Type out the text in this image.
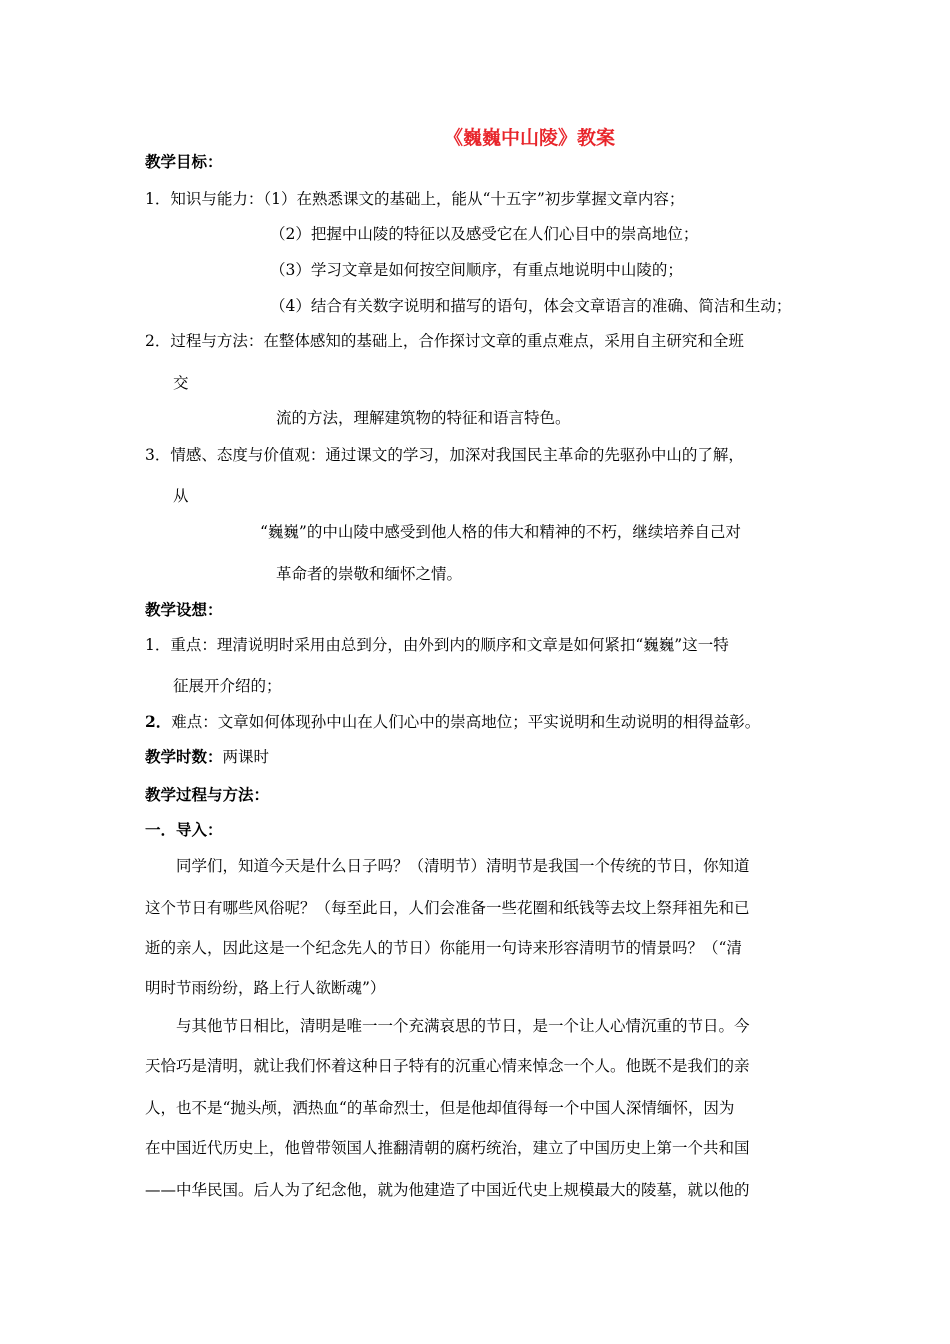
《巍巍中山陵》教案
教学目标：
1．知识与能力：（1）在熟悉课文的基础上，能从“十五字”初步掌握文章内容；
（2）把握中山陵的特征以及感受它在人们心目中的崇高地位；
（3）学习文章是如何按空间顺序，有重点地说明中山陵的；
（4）结合有关数字说明和描写的语句，体会文章语言的准确、简洁和生动；
2．过程与方法：在整体感知的基础上，合作探讨文章的重点难点，采用自主研究和全班
交
流的方法，理解建筑物的特征和语言特色。
3．情感、态度与价值观：通过课文的学习，加深对我国民主革命的先驱孙中山的了解，
从
“巍巍”的中山陵中感受到他人格的伟大和精神的不朽，继续培养自己对
革命者的崇敬和缅怀之情。
教学设想：
1．重点：理清说明时采用由总到分，由外到内的顺序和文章是如何紧扣“巍巍”这一特
征展开介绍的；
2．难点：文章如何体现孙中山在人们心中的崇高地位；平实说明和生动说明的相得益彰。
教学时数：两课时
教学过程与方法：
一．导入：
同学们，知道今天是什么日子吗？（清明节）清明节是我国一个传统的节日，你知道
这个节日有哪些风俗呢？（每至此日，人们会准备一些花圈和纸钱等去坟上祭拜祖先和已
逝的亲人，因此这是一个纪念先人的节日）你能用一句诗来形容清明节的情景吗？（“清
明时节雨纷纷，路上行人欲断魂”）
与其他节日相比，清明是唯一一个充满哀思的节日，是一个让人心情沉重的节日。今
天恰巧是清明，就让我们怀着这种日子特有的沉重心情来悼念一个人。他既不是我们的亲
人，也不是“抛头颅，洒热血“的革命烈士，但是他却值得每一个中国人深情缅怀，因为
在中国近代历史上，他曾带领国人推翻清朝的腐朽统治，建立了中国历史上第一个共和国
——中华民国。后人为了纪念他，就为他建造了中国近代史上规模最大的陵墓，就以他的
